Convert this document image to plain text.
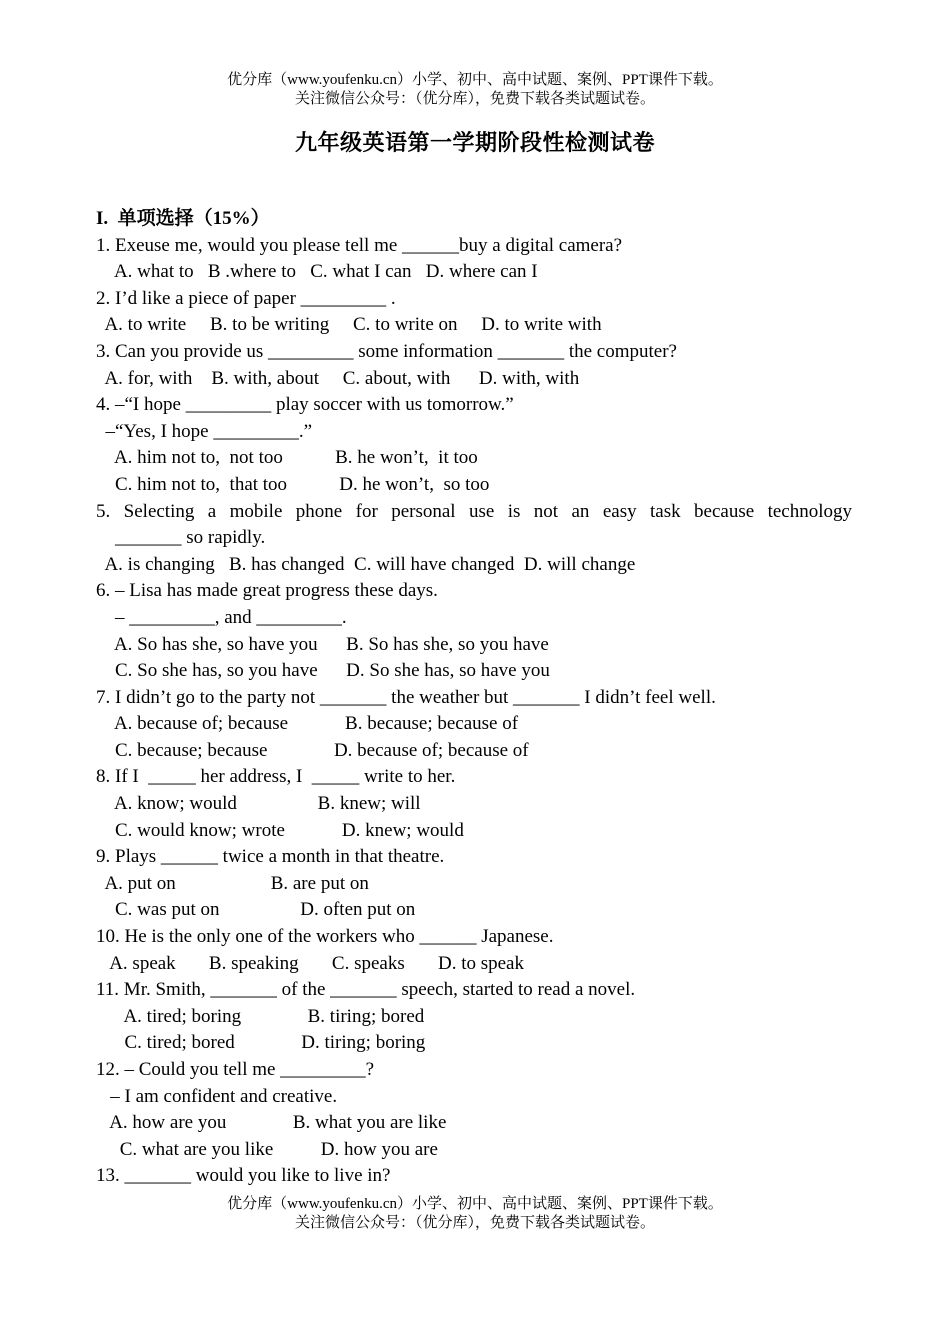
优分库（www.youfenku.cn）小学、初中、高中试题、案例、PPT课件下载。
关注微信公众号：（优分库），免费下载各类试题试卷。
九年级英语第一学期阶段性检测试卷
I.  单项选择（15%）
1. Exeuse me, would you please tell me ______buy a digital camera?
A. what to   B .where to   C. what I can   D. where can I
2. I’d like a piece of paper _________ .
A. to write     B. to be writing     C. to write on     D. to write with
3. Can you provide us _________ some information _______ the computer?
A. for, with    B. with, about     C. about, with      D. with, with
4. –“I hope _________ play soccer with us tomorrow.”
–“Yes, I hope _________.”
A. him not to,  not too           B. he won’t,  it too
C. him not to,  that too           D. he won’t,  so too
5. Selecting a mobile phone for personal use is not an easy task because technology
_______ so rapidly.
A. is changing   B. has changed  C. will have changed  D. will change
6. – Lisa has made great progress these days.
– _________, and _________.
A. So has she, so have you      B. So has she, so you have
C. So she has, so you have      D. So she has, so have you
7. I didn’t go to the party not _______ the weather but _______ I didn’t feel well.
A. because of; because            B. because; because of
C. because; because              D. because of; because of
8. If I  _____ her address, I  _____ write to her.
A. know; would                 B. knew; will
C. would know; wrote            D. knew; would
9. Plays ______ twice a month in that theatre.
A. put on                    B. are put on
C. was put on                 D. often put on
10. He is the only one of the workers who ______ Japanese.
A. speak       B. speaking       C. speaks       D. to speak
11. Mr. Smith, _______ of the _______ speech, started to read a novel.
A. tired; boring              B. tiring; bored
C. tired; bored              D. tiring; boring
12. – Could you tell me _________?
– I am confident and creative.
A. how are you              B. what you are like
C. what are you like          D. how you are
13. _______ would you like to live in?
优分库（www.youfenku.cn）小学、初中、高中试题、案例、PPT课件下载。
关注微信公众号：（优分库），免费下载各类试题试卷。
